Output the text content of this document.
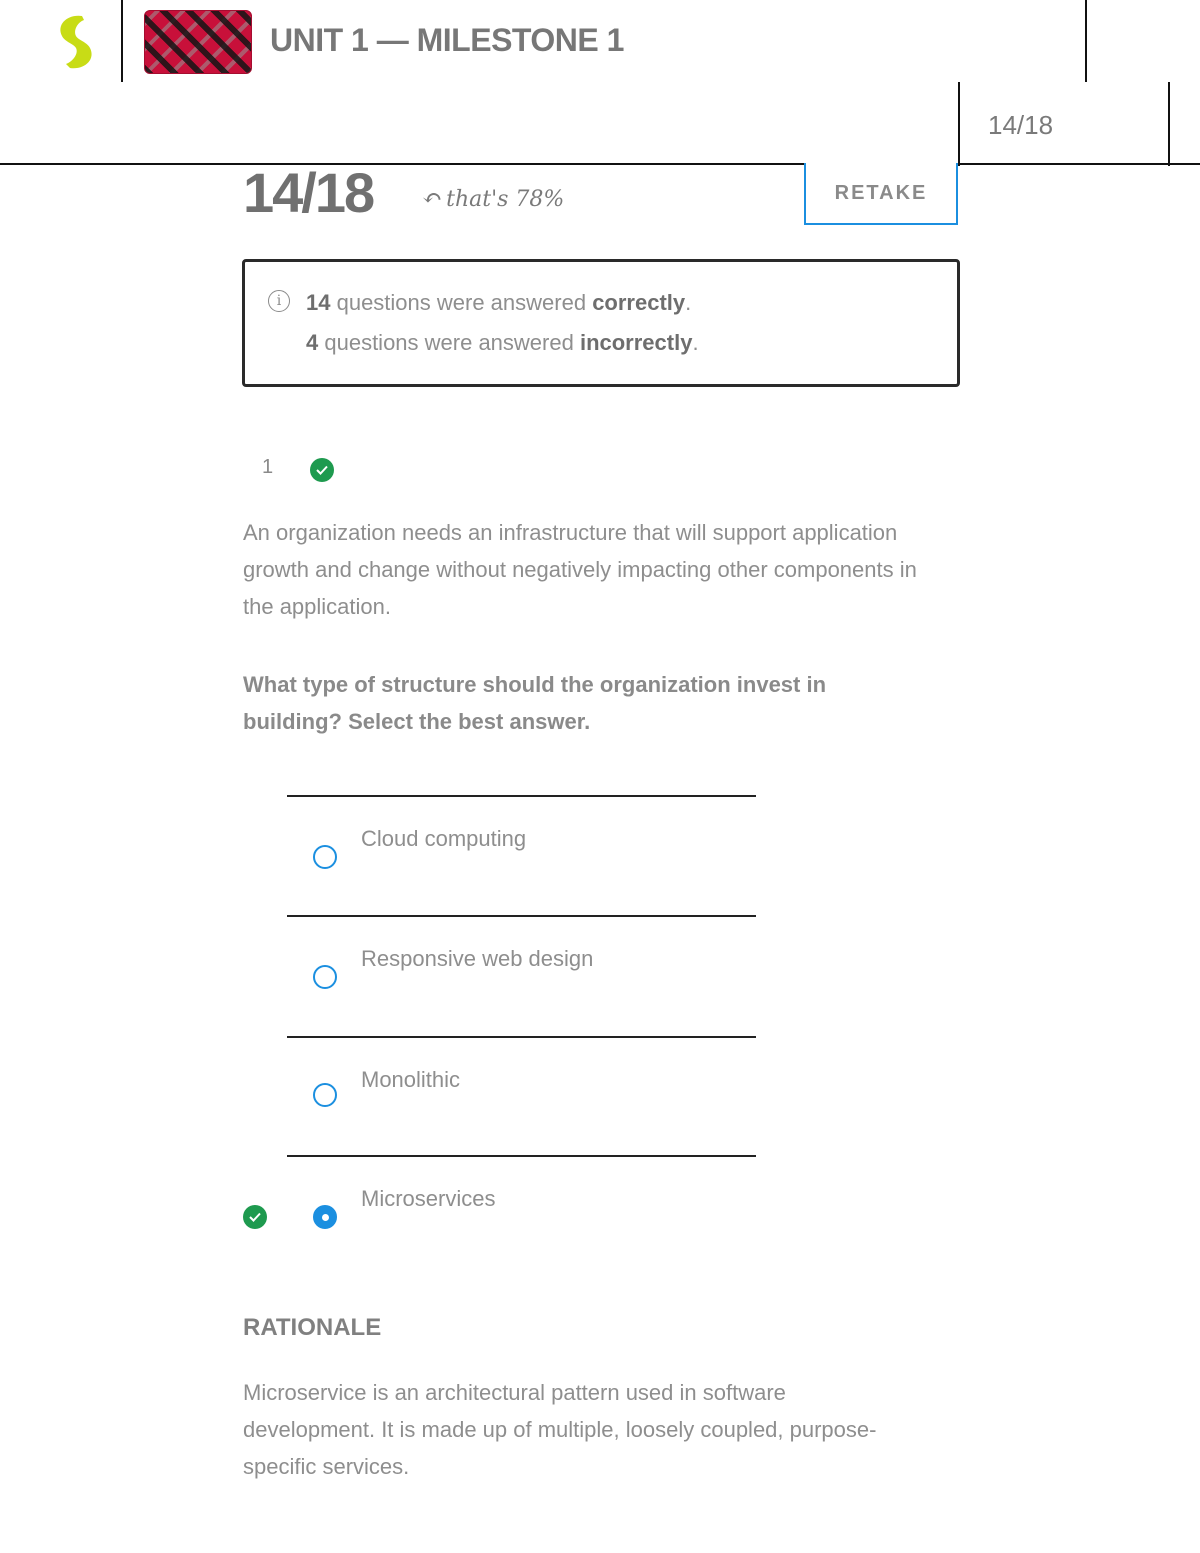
UNIT 1 — MILESTONE 1
14/18
14/18 ↶ that's 78%	RETAKE
i	14 questions were answered correctly.
4 questions were answered incorrectly.
1
An organization needs an infrastructure that will support application growth and change without negatively impacting other components in the application.
What type of structure should the organization invest in building? Select the best answer.
Cloud computing
Responsive web design
Monolithic
Microservices
RATIONALE
Microservice is an architectural pattern used in software development. It is made up of multiple, loosely coupled, purpose-specific services.
